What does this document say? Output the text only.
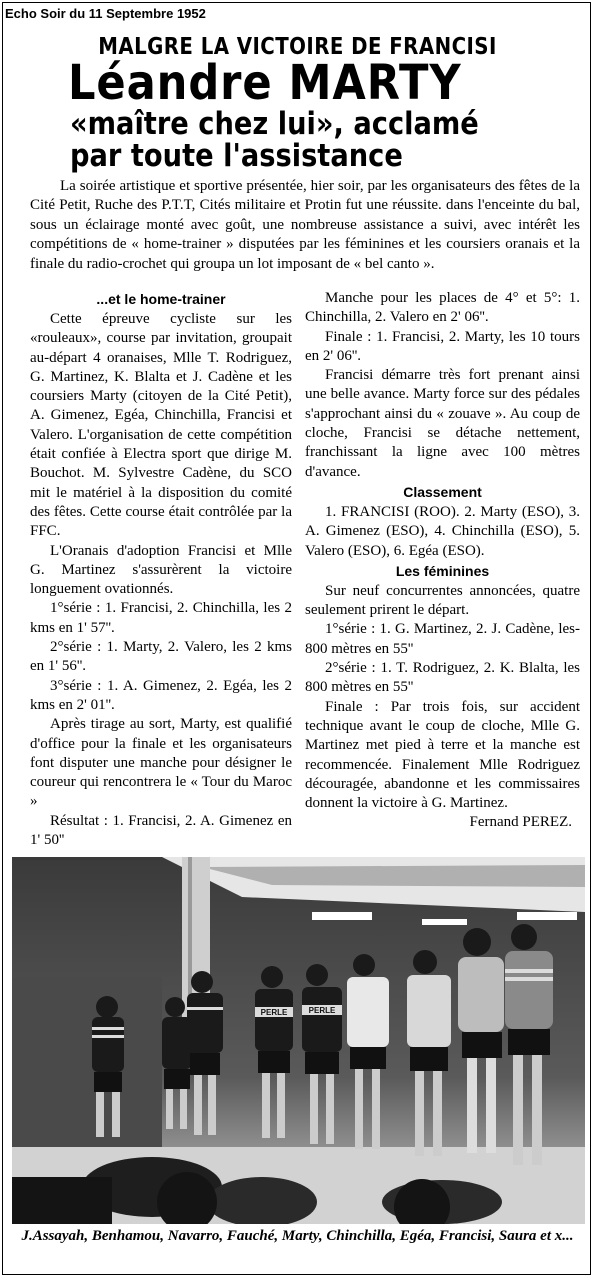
Echo Soir du 11 Septembre 1952
MALGRE LA VICTOIRE DE FRANCISI
Léandre MARTY
«maître chez lui», acclamé
par toute l'assistance
La soirée artistique et sportive présentée, hier soir, par les organisateurs des fêtes de la Cité Petit, Ruche des P.T.T, Cités militaire et Protin fut une réussite. dans l'enceinte du bal, sous un éclairage monté avec goût, une nombreuse assistance a suivi, avec intérêt les compétitions de « home-trainer » disputées par les féminines et les coursiers oranais et la finale du radio-crochet qui groupa un lot imposant de « bel canto ».
...et le home-trainer

Cette épreuve cycliste sur les «rouleaux», course par invitation, groupait au-départ 4 oranaises, Mlle T. Rodriguez, G. Martinez, K. Blalta et J. Cadène et les coursiers Marty (citoyen de la Cité Petit), A. Gimenez, Egéa, Chinchilla, Francisi et Valero. L'organisation de cette compétition était confiée à Electra sport que dirige M. Bouchot. M. Sylvestre Cadène, du SCO mit le matériel à la disposition du comité des fêtes. Cette course était contrôlée par la FFC.

L'Oranais d'adoption Francisi et Mlle G. Martinez s'assurèrent la victoire longuement ovationnés.

1°série : 1. Francisi, 2. Chinchilla, les 2 kms en 1' 57''.

2°série : 1. Marty, 2. Valero, les 2 kms en 1' 56''.

3°série : 1. A. Gimenez, 2. Egéa, les 2 kms en 2' 01''.

Après tirage au sort, Marty, est qualifié d'office pour la finale et les organisateurs font disputer une manche pour désigner le coureur qui rencontrera le « Tour du Maroc »

Résultat : 1. Francisi, 2. A. Gimenez en 1' 50''

Manche pour les places de 4° et 5°: 1. Chinchilla, 2. Valero en 2' 06''.

Finale : 1. Francisi, 2. Marty, les 10 tours en 2' 06''.

Francisi démarre très fort prenant ainsi une belle avance. Marty force sur des pédales s'approchant ainsi du « zouave ». Au coup de cloche, Francisi se détache nettement, franchissant la ligne avec 100 mètres d'avance.

Classement

1. FRANCISI (ROO). 2. Marty (ESO), 3. A. Gimenez (ESO), 4. Chinchilla (ESO), 5. Valero (ESO), 6. Egéa (ESO).

Les féminines

Sur neuf concurrentes annoncées, quatre seulement prirent le départ.

1°série : 1. G. Martinez, 2. J. Cadène, les-800 mètres en 55''

2°série : 1. T. Rodriguez, 2. K. Blalta, les 800 mètres en 55''

Finale : Par trois fois, sur accident technique avant le coup de cloche, Mlle G. Martinez met pied à terre et la manche est recommencée. Finalement Mlle Rodriguez découragée, abandonne et les commissaires donnent la victoire à G. Martinez.

Fernand PEREZ.

PERLE	PERLE
J.Assayah, Benhamou, Navarro, Fauché, Marty, Chinchilla, Egéa, Francisi, Saura et x...
